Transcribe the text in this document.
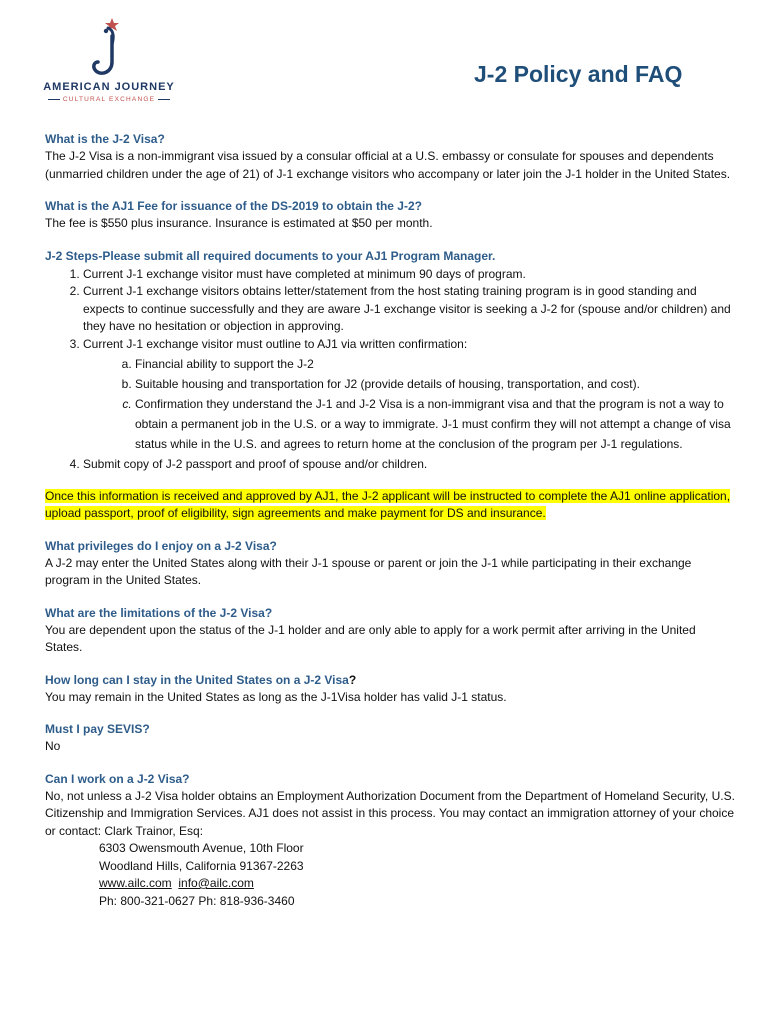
AMERICAN JOURNEY
CULTURAL EXCHANGE
J-2 Policy and FAQ
What is the J-2 Visa?

The J-2 Visa is a non-immigrant visa issued by a consular official at a U.S. embassy or consulate for spouses and dependents (unmarried children under the age of 21) of J-1 exchange visitors who accompany or later join the J-1 holder in the United States.

What is the AJ1 Fee for issuance of the DS-2019 to obtain the J-2?

The fee is $550 plus insurance. Insurance is estimated at $50 per month.

J-2 Steps-Please submit all required documents to your AJ1 Program Manager.
1. Current J-1 exchange visitor must have completed at minimum 90 days of program.
2. Current J-1 exchange visitors obtains letter/statement from the host stating training program is in good standing and expects to continue successfully and they are aware J-1 exchange visitor is seeking a J-2 for (spouse and/or children) and they have no hesitation or objection in approving.
3. Current J-1 exchange visitor must outline to AJ1 via written confirmation:
a. Financial ability to support the J-2
b. Suitable housing and transportation for J2 (provide details of housing, transportation, and cost).
c. Confirmation they understand the J-1 and J-2 Visa is a non-immigrant visa and that the program is not a way to obtain a permanent job in the U.S. or a way to immigrate. J-1 must confirm they will not attempt a change of visa status while in the U.S. and agrees to return home at the conclusion of the program per J-1 regulations.
4. Submit copy of J-2 passport and proof of spouse and/or children.
Once this information is received and approved by AJ1, the J-2 applicant will be instructed to complete the AJ1 online application, upload passport, proof of eligibility, sign agreements and make payment for DS and insurance.
What privileges do I enjoy on a J-2 Visa?

A J-2 may enter the United States along with their J-1 spouse or parent or join the J-1 while participating in their exchange program in the United States.

What are the limitations of the J-2 Visa?

You are dependent upon the status of the J-1 holder and are only able to apply for a work permit after arriving in the United States.

How long can I stay in the United States on a J-2 Visa?

You may remain in the United States as long as the J-1Visa holder has valid J-1 status.

Must I pay SEVIS?

No

Can I work on a J-2 Visa?

No, not unless a J-2 Visa holder obtains an Employment Authorization Document from the Department of Homeland Security, U.S. Citizenship and Immigration Services. AJ1 does not assist in this process. You may contact an immigration attorney of your choice or contact: Clark Trainor, Esq:

6303 Owensmouth Avenue, 10th Floor
Woodland Hills, California 91367-2263
www.ailc.com info@ailc.com
Ph: 800-321-0627 Ph: 818-936-3460
